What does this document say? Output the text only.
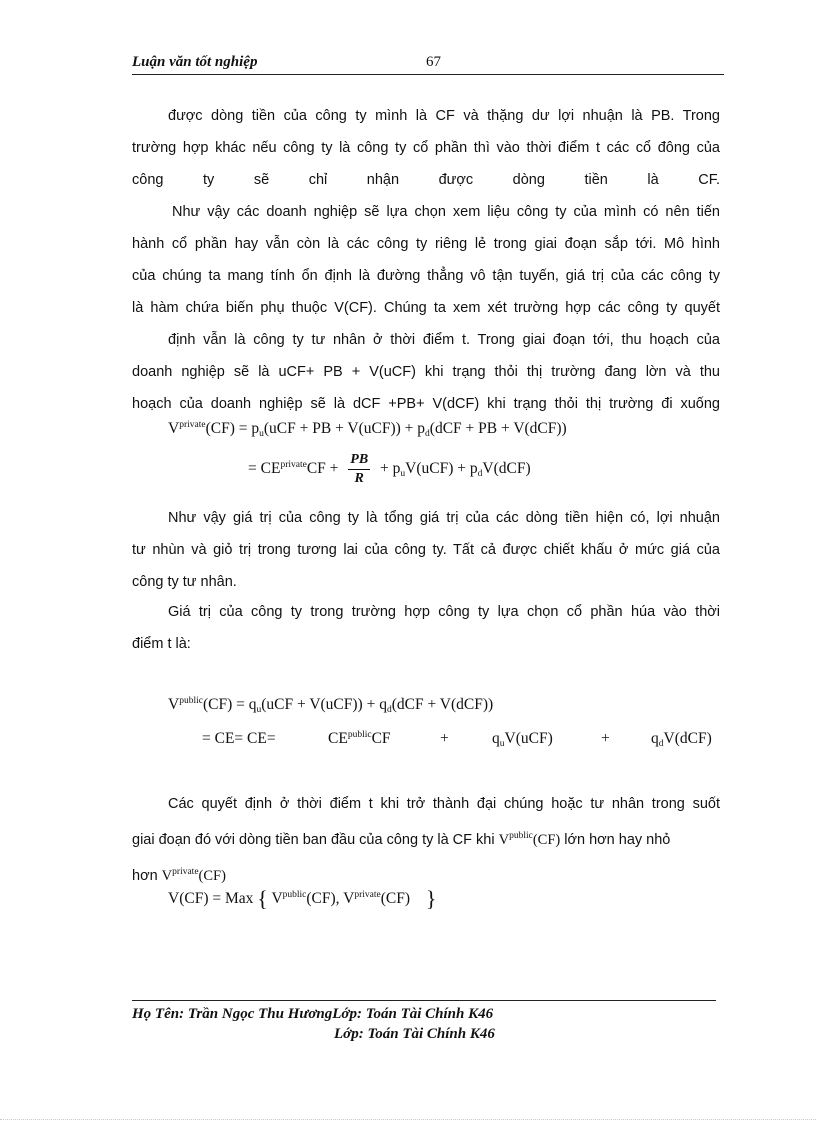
Luận văn tốt nghiệp	67
được dòng tiền của công ty mình là CF và thặng dư lợi nhuận là PB. Trong
trường hợp khác nếu công ty là công ty cổ phần thì vào thời điểm t các cổ đông của
công ty sẽ chỉ nhận được dòng tiền là CF.
Như vậy các doanh nghiệp sẽ lựa chọn xem liệu công ty của mình có nên tiến
hành cổ phần hay vẫn còn là các công ty riêng lẻ trong giai đoạn sắp tới. Mô hình
của chúng ta mang tính ổn định là đường thẳng vô tận tuyến, giá trị của các công ty
là hàm chứa biến phụ thuộc V(CF). Chúng ta xem xét trường hợp các công ty quyết
định vẫn là công ty tư nhân ở thời điểm t. Trong giai đoạn tới, thu hoạch của
doanh nghiệp sẽ là uCF+ PB + V(uCF) khi trạng thỏi thị trường đang lờn và thu
hoạch của doanh nghiệp sẽ là dCF +PB+ V(dCF) khi trạng thỏi thị trường đi xuống
$V^{private}(CF) = p_u(uCF$ + PB + $V(uCF)) + p_d(dCF$ + PB + V(dCF))
= $CE^{private}CF + \frac{PB}{R} + p_uV(uCF) + p_dV(dCF)$
Như vậy giá trị của công ty là tổng giá trị của các dòng tiền hiện có, lợi nhuận
tư nhùn và giỏ trị trong tương lai của công ty. Tất cả được chiết khấu ở mức giá của
công ty tư nhân.
Giá trị của công ty trong trường hợp công ty lựa chọn cổ phần húa vào thời
điểm t là:
$V^{public}(CF) = q_u(uCF + V(uCF)) + q_d(dCF + V(dCF))$
= CE= CE=	$CE^{public}CF$	+	$q_uV(uCF)$	+	$q_dV(dCF)$
Các quyết định ở thời điểm t khi trở thành đại chúng hoặc tư nhân trong suốt
giai đoạn đó với dòng tiền ban đầu của công ty là CF khi $V^{public}(CF)$ lớn hơn hay nhỏ
hơn $V^{private}(CF)$
V(CF) = Max { $V^{public}(CF)$, $V^{private}(CF)$ }
Họ Tên: Trần Ngọc Thu HươngLớp: Toán Tài Chính K46
Lớp: Toán Tài Chính K46
